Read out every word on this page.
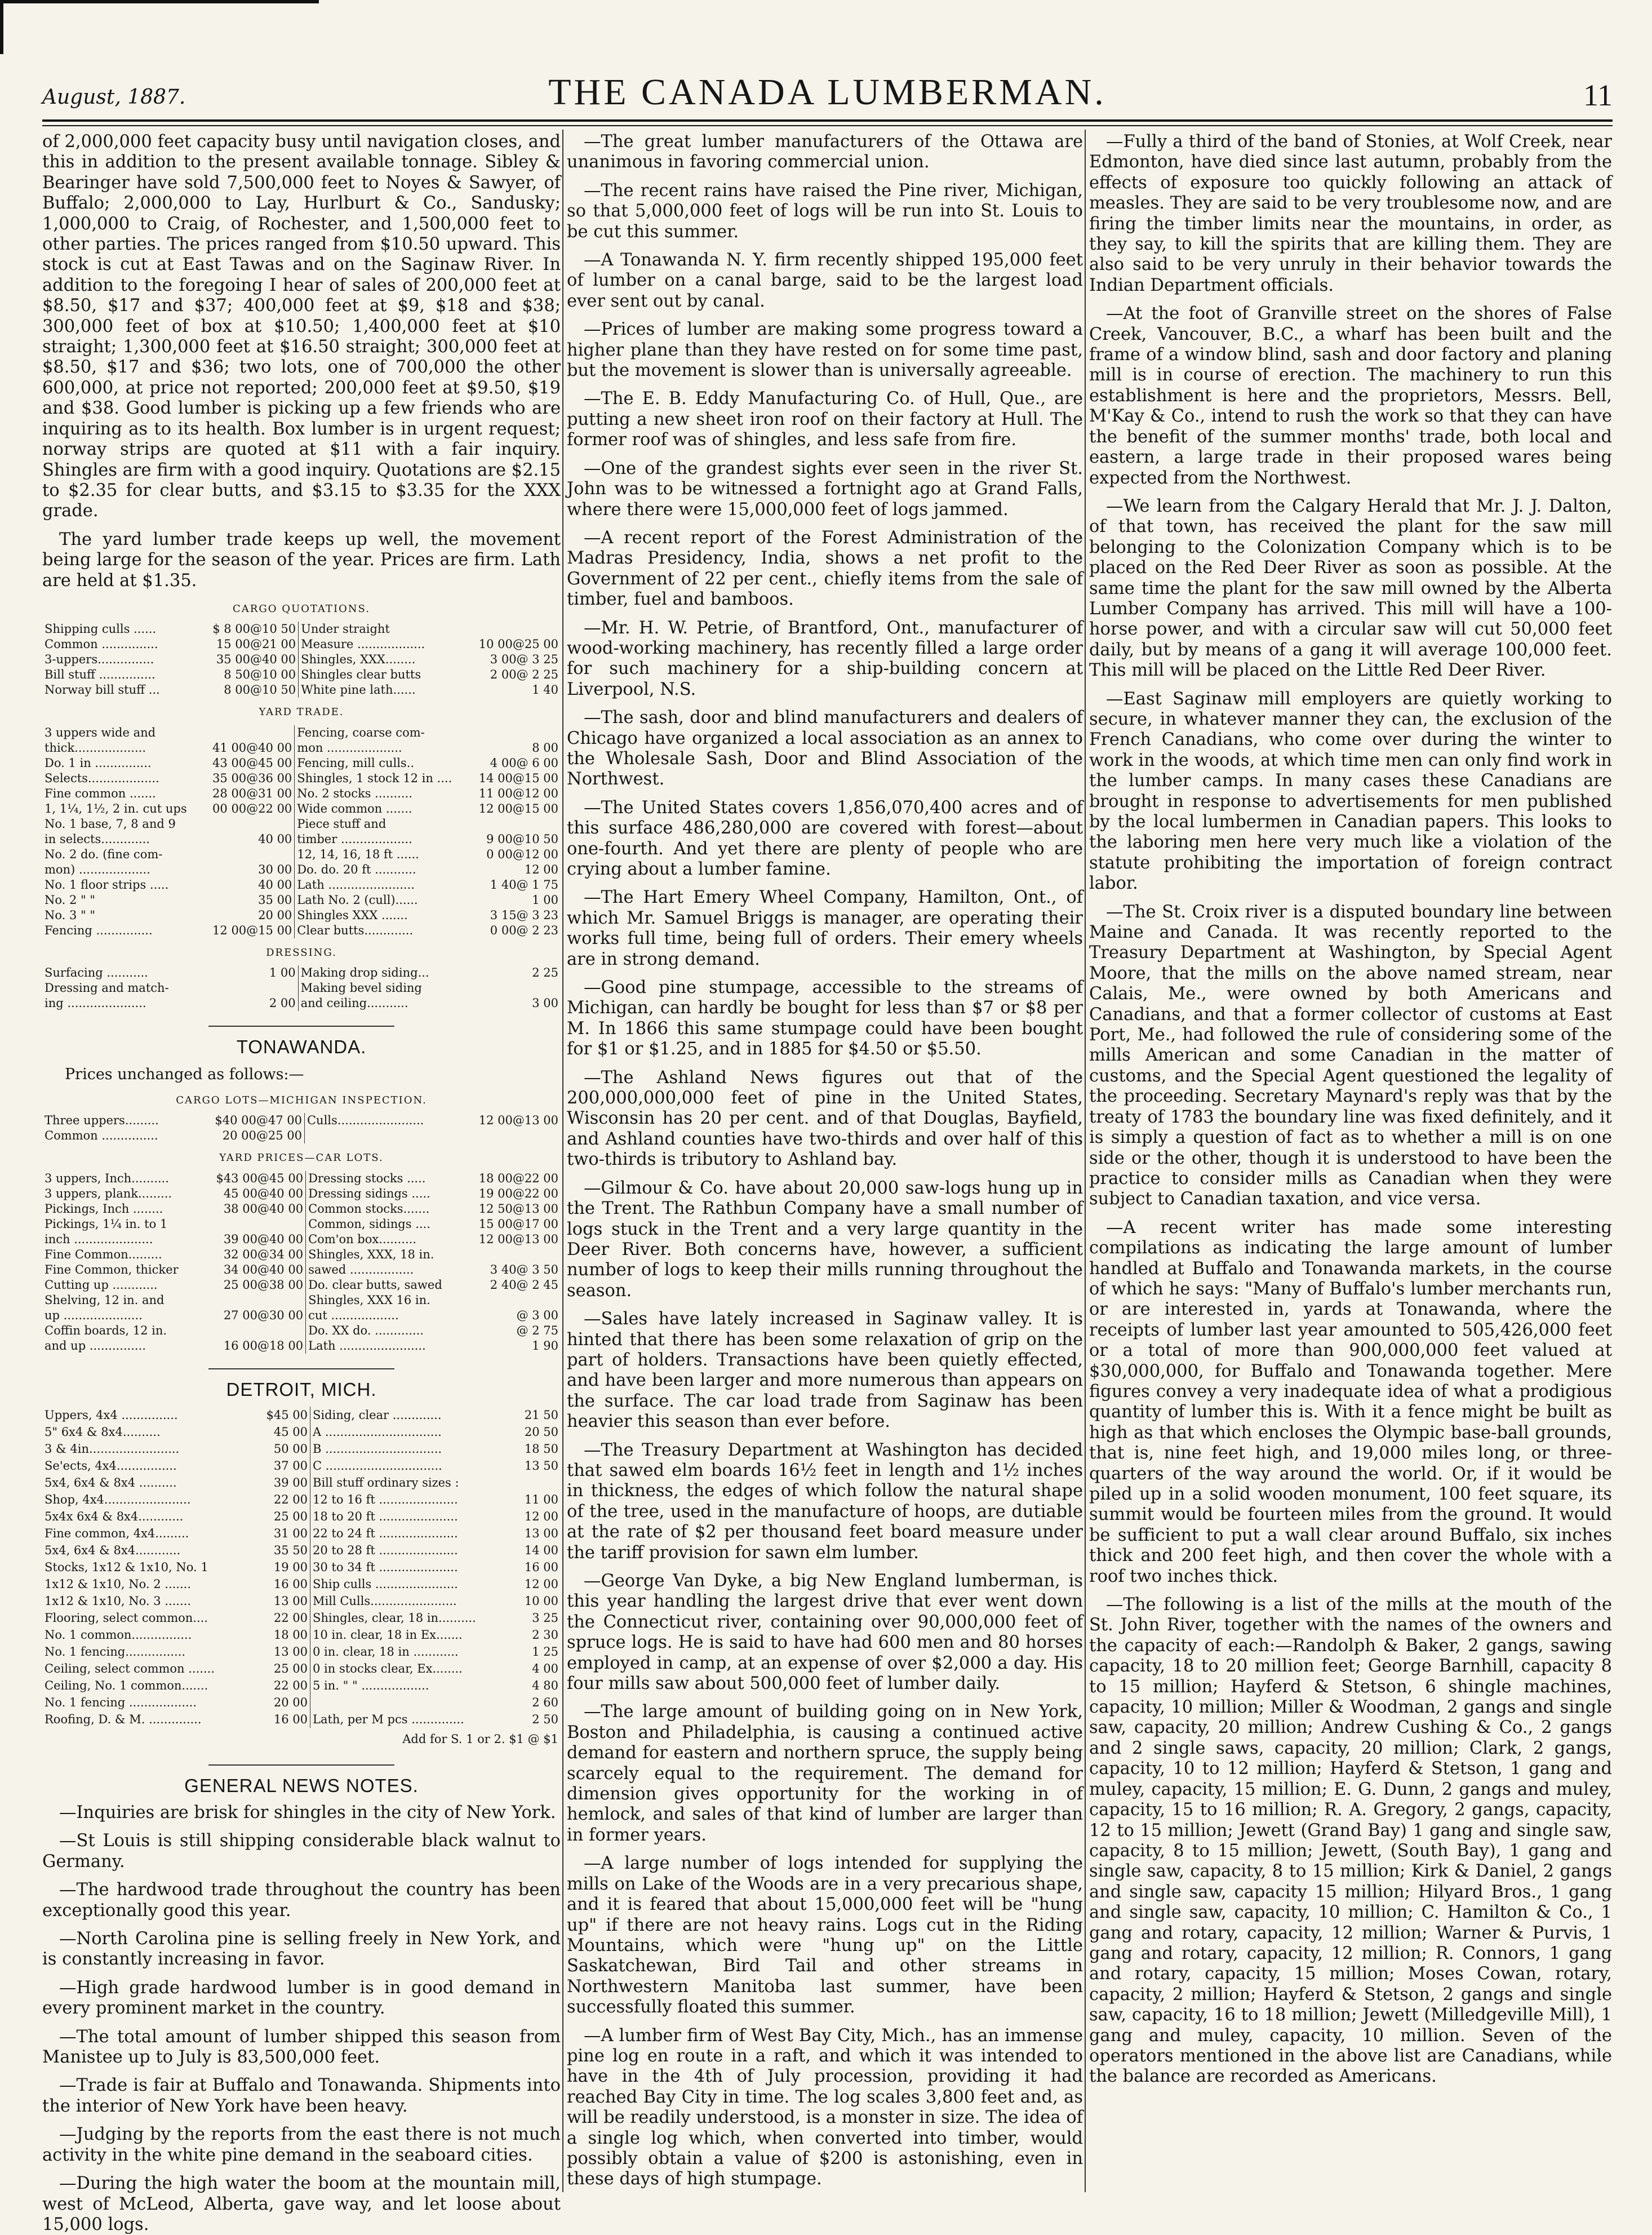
August, 1887.	THE CANADA LUMBERMAN.	11

of 2,000,000 feet capacity busy until navigation closes, and this in addition to the present available tonnage. Sibley & Bearinger have sold 7,500,000 feet to Noyes & Sawyer, of Buffalo; 2,000,000 to Lay, Hurlburt & Co., Sandusky; 1,000,000 to Craig, of Rochester, and 1,500,000 feet to other parties. The prices ranged from $10.50 upward. This stock is cut at East Tawas and on the Saginaw River. In addition to the foregoing I hear of sales of 200,000 feet at $8.50, $17 and $37; 400,000 feet at $9, $18 and $38; 300,000 feet of box at $10.50; 1,400,000 feet at $10 straight; 1,300,000 feet at $16.50 straight; 300,000 feet at $8.50, $17 and $36; two lots, one of 700,000 the other 600,000, at price not reported; 200,000 feet at $9.50, $19 and $38. Good lumber is picking up a few friends who are inquiring as to its health. Box lumber is in urgent request; norway strips are quoted at $11 with a fair inquiry. Shingles are firm with a good inquiry. Quotations are $2.15 to $2.35 for clear butts, and $3.15 to $3.35 for the XXX grade.

The yard lumber trade keeps up well, the movement being large for the season of the year. Prices are firm. Lath are held at $1.35.

CARGO QUOTATIONS.
Shipping culls ......	$ 8 00@10 50	Under straight	
Common ...............	15 00@21 00	Measure ..................	10 00@25 00
3-uppers...............	35 00@40 00	Shingles, XXX........	3 00@ 3 25
Bill stuff ...............	8 50@10 00	Shingles clear butts	2 00@ 2 25
Norway bill stuff ...	8 00@10 50	White pine lath......	1 40
YARD TRADE.
3 uppers wide and		Fencing, coarse com-	
thick...................	41 00@40 00	mon ....................	8 00
Do. 1 in ...............	43 00@45 00	Fencing, mill culls..	4 00@ 6 00
Selects...................	35 00@36 00	Shingles, 1 stock 12 in ....	14 00@15 00
Fine common .......	28 00@31 00	No. 2 stocks ..........	11 00@12 00
1, 1¼, 1½, 2 in. cut ups	00 00@22 00	Wide common .......	12 00@15 00
No. 1 base, 7, 8 and 9		Piece stuff and	
in selects.............	40 00	timber ...................	9 00@10 50
No. 2 do. (fine com-		12, 14, 16, 18 ft ......	0 00@12 00
mon) ...................	30 00	Do. do. 20 ft ...........	12 00
No. 1 floor strips .....	40 00	Lath .......................	1 40@ 1 75
No. 2 " "	35 00	Lath No. 2 (cull)......	1 00
No. 3 " "	20 00	Shingles XXX .......	3 15@ 3 23
Fencing ...............	12 00@15 00	Clear butts.............	0 00@ 2 23
DRESSING.
Surfacing ...........	1 00	Making drop siding...	2 25
Dressing and match-		Making bevel siding	
ing .....................	2 00	and ceiling...........	3 00
TONAWANDA.
Prices unchanged as follows:—
CARGO LOTS—MICHIGAN INSPECTION.
Three uppers.........	$40 00@47 00	Culls.......................	12 00@13 00
Common ...............	20 00@25 00		
YARD PRICES—CAR LOTS.
3 uppers, Inch..........	$43 00@45 00	Dressing stocks .....	18 00@22 00
3 uppers, plank.........	45 00@40 00	Dressing sidings .....	19 00@22 00
Pickings, Inch ........	38 00@40 00	Common stocks.......	12 50@13 00
Pickings, 1¼ in. to 1		Common, sidings ....	15 00@17 00
inch .....................	39 00@40 00	Com'on box..........	12 00@13 00
Fine Common.........	32 00@34 00	Shingles, XXX, 18 in.	
Fine Common, thicker	34 00@40 00	sawed .................	3 40@ 3 50
Cutting up ............	25 00@38 00	Do. clear butts, sawed	2 40@ 2 45
Shelving, 12 in. and		Shingles, XXX 16 in.	
up .....................	27 00@30 00	cut ..................	@ 3 00
Coffin boards, 12 in.		Do. XX do. .............	@ 2 75
and up ...............	16 00@18 00	Lath .......................	1 90
DETROIT, MICH.
Uppers, 4x4 ...............	$45 00	Siding, clear .............	21 50
5" 6x4 & 8x4..........	45 00	A ...............................	20 50
3 & 4in........................	50 00	B ...............................	18 50
Se'ects, 4x4................	37 00	C ...............................	13 50
5x4, 6x4 & 8x4 ..........	39 00	Bill stuff ordinary sizes :	
Shop, 4x4.......................	22 00	12 to 16 ft .....................	11 00
5x4x 6x4 & 8x4............	25 00	18 to 20 ft .....................	12 00
Fine common, 4x4.........	31 00	22 to 24 ft .....................	13 00
5x4, 6x4 & 8x4............	35 50	20 to 28 ft .....................	14 00
Stocks, 1x12 & 1x10, No. 1	19 00	30 to 34 ft .....................	16 00
1x12 & 1x10, No. 2 .......	16 00	Ship culls ......................	12 00
1x12 & 1x10, No. 3 .......	13 00	Mill Culls.......................	10 00
Flooring, select common....	22 00	Shingles, clear, 18 in..........	3 25
No. 1 common................	18 00	10 in. clear, 18 in Ex.......	2 30
No. 1 fencing................	13 00	0 in. clear, 18 in ............	1 25
Ceiling, select common .......	25 00	0 in stocks clear, Ex........	4 00
Ceiling, No. 1 common.......	22 00	5 in. " " ..................	4 80
No. 1 fencing ..................	20 00		2 60
Roofing, D. & M. ..............	16 00	Lath, per M pcs ..............	2 50
Add for S. 1 or 2. $1 @ $1
GENERAL NEWS NOTES.

—Inquiries are brisk for shingles in the city of New York.

—St Louis is still shipping considerable black walnut to Germany.

—The hardwood trade throughout the country has been exceptionally good this year.

—North Carolina pine is selling freely in New York, and is constantly increasing in favor.

—High grade hardwood lumber is in good demand in every prominent market in the country.

—The total amount of lumber shipped this season from Manistee up to July is 83,500,000 feet.

—Trade is fair at Buffalo and Tonawanda. Shipments into the interior of New York have been heavy.

—Judging by the reports from the east there is not much activity in the white pine demand in the seaboard cities.

—During the high water the boom at the mountain mill, west of McLeod, Alberta, gave way, and let loose about 15,000 logs.

—The great lumber manufacturers of the Ottawa are unanimous in favoring commercial union.

—The recent rains have raised the Pine river, Michigan, so that 5,000,000 feet of logs will be run into St. Louis to be cut this summer.

—A Tonawanda N. Y. firm recently shipped 195,000 feet of lumber on a canal barge, said to be the largest load ever sent out by canal.

—Prices of lumber are making some progress toward a higher plane than they have rested on for some time past, but the movement is slower than is universally agreeable.

—The E. B. Eddy Manufacturing Co. of Hull, Que., are putting a new sheet iron roof on their factory at Hull. The former roof was of shingles, and less safe from fire.

—One of the grandest sights ever seen in the river St. John was to be witnessed a fortnight ago at Grand Falls, where there were 15,000,000 feet of logs jammed.

—A recent report of the Forest Administration of the Madras Presidency, India, shows a net profit to the Government of 22 per cent., chiefly items from the sale of timber, fuel and bamboos.

—Mr. H. W. Petrie, of Brantford, Ont., manufacturer of wood-working machinery, has recently filled a large order for such machinery for a ship-building concern at Liverpool, N.S.

—The sash, door and blind manufacturers and dealers of Chicago have organized a local association as an annex to the Wholesale Sash, Door and Blind Association of the Northwest.

—The United States covers 1,856,070,400 acres and of this surface 486,280,000 are covered with forest—about one-fourth. And yet there are plenty of people who are crying about a lumber famine.

—The Hart Emery Wheel Company, Hamilton, Ont., of which Mr. Samuel Briggs is manager, are operating their works full time, being full of orders. Their emery wheels are in strong demand.

—Good pine stumpage, accessible to the streams of Michigan, can hardly be bought for less than $7 or $8 per M. In 1866 this same stumpage could have been bought for $1 or $1.25, and in 1885 for $4.50 or $5.50.

—The Ashland News figures out that of the 200,000,000,000 feet of pine in the United States, Wisconsin has 20 per cent. and of that Douglas, Bayfield, and Ashland counties have two-thirds and over half of this two-thirds is tributory to Ashland bay.

—Gilmour & Co. have about 20,000 saw-logs hung up in the Trent. The Rathbun Company have a small number of logs stuck in the Trent and a very large quantity in the Deer River. Both concerns have, however, a sufficient number of logs to keep their mills running throughout the season.

—Sales have lately increased in Saginaw valley. It is hinted that there has been some relaxation of grip on the part of holders. Transactions have been quietly effected, and have been larger and more numerous than appears on the surface. The car load trade from Saginaw has been heavier this season than ever before.

—The Treasury Department at Washington has decided that sawed elm boards 16½ feet in length and 1½ inches in thickness, the edges of which follow the natural shape of the tree, used in the manufacture of hoops, are dutiable at the rate of $2 per thousand feet board measure under the tariff provision for sawn elm lumber.

—George Van Dyke, a big New England lumberman, is this year handling the largest drive that ever went down the Connecticut river, containing over 90,000,000 feet of spruce logs. He is said to have had 600 men and 80 horses employed in camp, at an expense of over $2,000 a day. His four mills saw about 500,000 feet of lumber daily.

—The large amount of building going on in New York, Boston and Philadelphia, is causing a continued active demand for eastern and northern spruce, the supply being scarcely equal to the requirement. The demand for dimension gives opportunity for the working in of hemlock, and sales of that kind of lumber are larger than in former years.

—A large number of logs intended for supplying the mills on Lake of the Woods are in a very precarious shape, and it is feared that about 15,000,000 feet will be "hung up" if there are not heavy rains. Logs cut in the Riding Mountains, which were "hung up" on the Little Saskatchewan, Bird Tail and other streams in Northwestern Manitoba last summer, have been successfully floated this summer.

—A lumber firm of West Bay City, Mich., has an immense pine log en route in a raft, and which it was intended to have in the 4th of July procession, providing it had reached Bay City in time. The log scales 3,800 feet and, as will be readily understood, is a monster in size. The idea of a single log which, when converted into timber, would possibly obtain a value of $200 is astonishing, even in these days of high stumpage.

—Fully a third of the band of Stonies, at Wolf Creek, near Edmonton, have died since last autumn, probably from the effects of exposure too quickly following an attack of measles. They are said to be very troublesome now, and are firing the timber limits near the mountains, in order, as they say, to kill the spirits that are killing them. They are also said to be very unruly in their behavior towards the Indian Department officials.

—At the foot of Granville street on the shores of False Creek, Vancouver, B.C., a wharf has been built and the frame of a window blind, sash and door factory and planing mill is in course of erection. The machinery to run this establishment is here and the proprietors, Messrs. Bell, M'Kay & Co., intend to rush the work so that they can have the benefit of the summer months' trade, both local and eastern, a large trade in their proposed wares being expected from the Northwest.

—We learn from the Calgary Herald that Mr. J. J. Dalton, of that town, has received the plant for the saw mill belonging to the Colonization Company which is to be placed on the Red Deer River as soon as possible. At the same time the plant for the saw mill owned by the Alberta Lumber Company has arrived. This mill will have a 100-horse power, and with a circular saw will cut 50,000 feet daily, but by means of a gang it will average 100,000 feet. This mill will be placed on the Little Red Deer River.

—East Saginaw mill employers are quietly working to secure, in whatever manner they can, the exclusion of the French Canadians, who come over during the winter to work in the woods, at which time men can only find work in the lumber camps. In many cases these Canadians are brought in response to advertisements for men published by the local lumbermen in Canadian papers. This looks to the laboring men here very much like a violation of the statute prohibiting the importation of foreign contract labor.

—The St. Croix river is a disputed boundary line between Maine and Canada. It was recently reported to the Treasury Department at Washington, by Special Agent Moore, that the mills on the above named stream, near Calais, Me., were owned by both Americans and Canadians, and that a former collector of customs at East Port, Me., had followed the rule of considering some of the mills American and some Canadian in the matter of customs, and the Special Agent questioned the legality of the proceeding. Secretary Maynard's reply was that by the treaty of 1783 the boundary line was fixed definitely, and it is simply a question of fact as to whether a mill is on one side or the other, though it is understood to have been the practice to consider mills as Canadian when they were subject to Canadian taxation, and vice versa.

—A recent writer has made some interesting compilations as indicating the large amount of lumber handled at Buffalo and Tonawanda markets, in the course of which he says: "Many of Buffalo's lumber merchants run, or are interested in, yards at Tonawanda, where the receipts of lumber last year amounted to 505,426,000 feet or a total of more than 900,000,000 feet valued at $30,000,000, for Buffalo and Tonawanda together. Mere figures convey a very inadequate idea of what a prodigious quantity of lumber this is. With it a fence might be built as high as that which encloses the Olympic base-ball grounds, that is, nine feet high, and 19,000 miles long, or three-quarters of the way around the world. Or, if it would be piled up in a solid wooden monument, 100 feet square, its summit would be fourteen miles from the ground. It would be sufficient to put a wall clear around Buffalo, six inches thick and 200 feet high, and then cover the whole with a roof two inches thick.

—The following is a list of the mills at the mouth of the St. John River, together with the names of the owners and the capacity of each:—Randolph & Baker, 2 gangs, sawing capacity, 18 to 20 million feet; George Barnhill, capacity 8 to 15 million; Hayferd & Stetson, 6 shingle machines, capacity, 10 million; Miller & Woodman, 2 gangs and single saw, capacity, 20 million; Andrew Cushing & Co., 2 gangs and 2 single saws, capacity, 20 million; Clark, 2 gangs, capacity, 10 to 12 million; Hayferd & Stetson, 1 gang and muley, capacity, 15 million; E. G. Dunn, 2 gangs and muley, capacity, 15 to 16 million; R. A. Gregory, 2 gangs, capacity, 12 to 15 million; Jewett (Grand Bay) 1 gang and single saw, capacity, 8 to 15 million; Jewett, (South Bay), 1 gang and single saw, capacity, 8 to 15 million; Kirk & Daniel, 2 gangs and single saw, capacity 15 million; Hilyard Bros., 1 gang and single saw, capacity, 10 million; C. Hamilton & Co., 1 gang and rotary, capacity, 12 million; Warner & Purvis, 1 gang and rotary, capacity, 12 million; R. Connors, 1 gang and rotary, capacity, 15 million; Moses Cowan, rotary, capacity, 2 million; Hayferd & Stetson, 2 gangs and single saw, capacity, 16 to 18 million; Jewett (Milledgeville Mill), 1 gang and muley, capacity, 10 million. Seven of the operators mentioned in the above list are Canadians, while the balance are recorded as Americans.
